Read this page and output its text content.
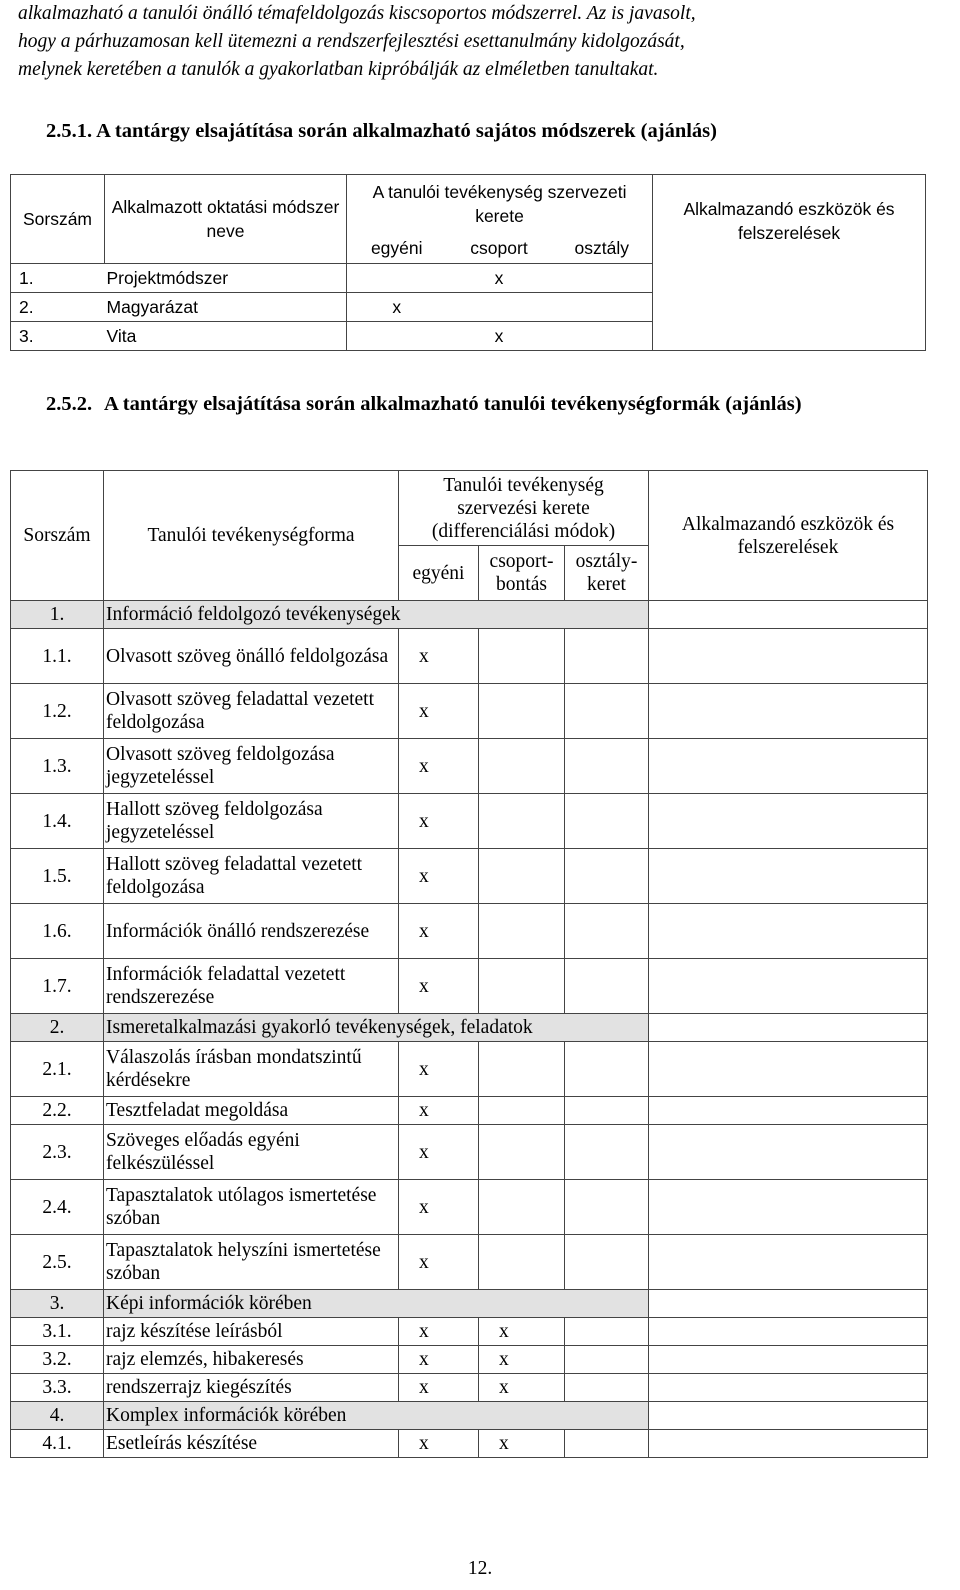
alkalmazható a tanulói önálló témafeldolgozás kiscsoportos módszerrel. Az is javasolt,

hogy a párhuzamosan kell ütemezni a rendszerfejlesztési esettanulmány kidolgozását,

melynek keretében a tanulók a gyakorlatban kipróbálják az elméletben tanultakat.

2.5.1. A tantárgy elsajátítása során alkalmazható sajátos módszerek (ajánlás)
Sorszám	Alkalmazott oktatási módszer neve	A tanulói tevékenység szervezeti kerete			Alkalmazandó eszközök és felszerelések
		egyéni	csoport	osztály	
1.	Projektmódszer		x		
2.	Magyarázat	x			
3.	Vita		x		
2.5.2. A tantárgy elsajátítása során alkalmazható tanulói tevékenységformák (ajánlás)
Sorszám	Tanulói tevékenységforma	Tanulói tevékenység szervezési kerete (differenciálási módok)			Alkalmazandó eszközök és felszerelések
		egyéni	csoport-bontás	osztály-keret	
1.	Információ feldolgozó tevékenységek				
1.1.	Olvasott szöveg önálló feldolgozása	x			
1.2.	Olvasott szöveg feladattal vezetett feldolgozása	x			
1.3.	Olvasott szöveg feldolgozása jegyzeteléssel	x			
1.4.	Hallott szöveg feldolgozása jegyzeteléssel	x			
1.5.	Hallott szöveg feladattal vezetett feldolgozása	x			
1.6.	Információk önálló rendszerezése	x			
1.7.	Információk feladattal vezetett rendszerezése	x			
2.	Ismeretalkalmazási gyakorló tevékenységek, feladatok				
2.1.	Válaszolás írásban mondatszintű kérdésekre	x			
2.2.	Tesztfeladat megoldása	x			
2.3.	Szöveges előadás egyéni felkészüléssel	x			
2.4.	Tapasztalatok utólagos ismertetése szóban	x			
2.5.	Tapasztalatok helyszíni ismertetése szóban	x			
3.	Képi információk körében				
3.1.	rajz készítése leírásból	x	x		
3.2.	rajz elemzés, hibakeresés	x	x		
3.3.	rendszerrajz kiegészítés	x	x		
4.	Komplex információk körében				
4.1.	Esetleírás készítése	x	x		
12.
